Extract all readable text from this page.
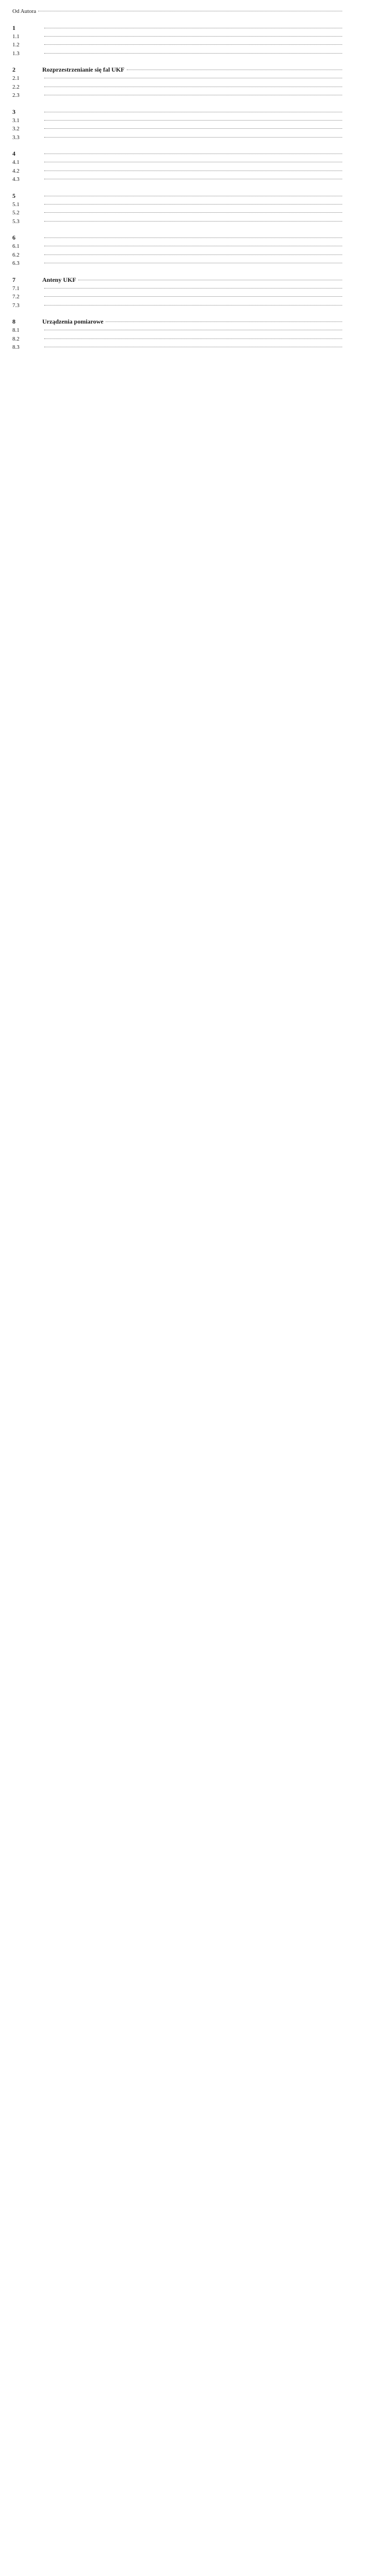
Od Autora
1
1.1
1.2
1.3
2	Rozprzestrzenianie się fal UKF
2.1
2.2
2.3
3
3.1
3.2
3.3
4
4.1
4.2
4.3
5
5.1
5.2
5.3
6
6.1
6.2
6.3
7	Anteny UKF
7.1
7.2
7.3
8	Urządzenia pomiarowe
8.1
8.2
8.3
